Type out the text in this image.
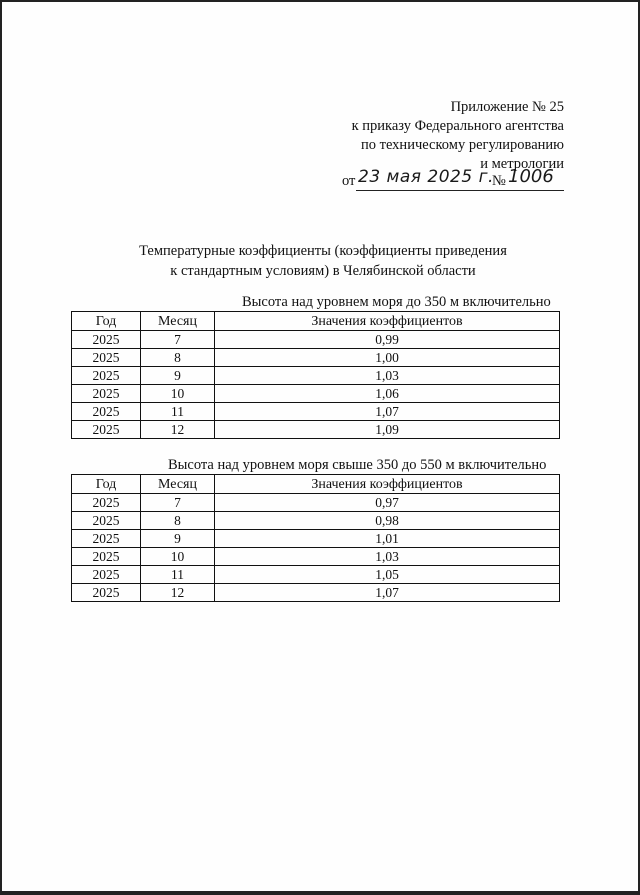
Приложение № 25
к приказу Федерального агентства
по техническому регулированию
и метрологии
от 23 мая 2025 г.
№ 1006
Температурные коэффициенты (коэффициенты приведения
к стандартным условиям) в Челябинской области
Высота над уровнем моря до 350 м включительно
Год	Месяц	Значения коэффициентов
2025	7	0,99
2025	8	1,00
2025	9	1,03
2025	10	1,06
2025	11	1,07
2025	12	1,09
Высота над уровнем моря свыше 350 до 550 м включительно
Год	Месяц	Значения коэффициентов
2025	7	0,97
2025	8	0,98
2025	9	1,01
2025	10	1,03
2025	11	1,05
2025	12	1,07
